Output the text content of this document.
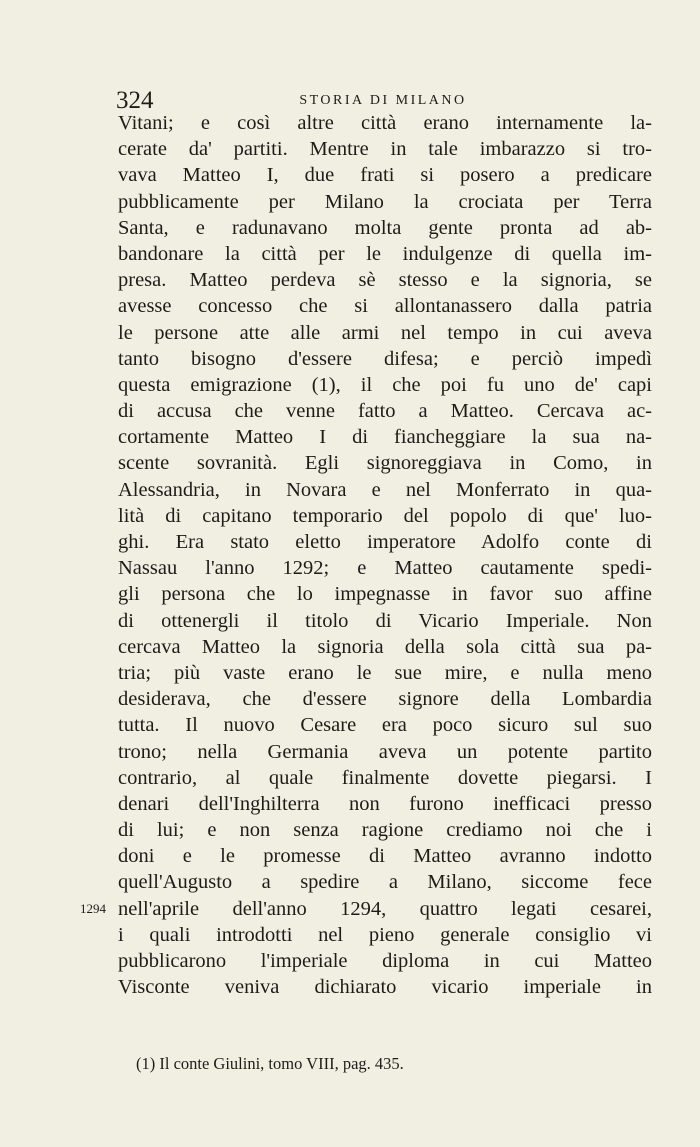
324	STORIA DI MILANO
Vitani; e così altre città erano internamente la-
cerate da' partiti. Mentre in tale imbarazzo si tro-
vava Matteo I, due frati si posero a predicare
pubblicamente per Milano la crociata per Terra
Santa, e radunavano molta gente pronta ad ab-
bandonare la città per le indulgenze di quella im-
presa. Matteo perdeva sè stesso e la signoria, se
avesse concesso che si allontanassero dalla patria
le persone atte alle armi nel tempo in cui aveva
tanto bisogno d'essere difesa; e perciò impedì
questa emigrazione (1), il che poi fu uno de' capi
di accusa che venne fatto a Matteo. Cercava ac-
cortamente Matteo I di fiancheggiare la sua na-
scente sovranità. Egli signoreggiava in Como, in
Alessandria, in Novara e nel Monferrato in qua-
lità di capitano temporario del popolo di que' luo-
ghi. Era stato eletto imperatore Adolfo conte di
Nassau l'anno 1292; e Matteo cautamente spedi-
gli persona che lo impegnasse in favor suo affine
di ottenergli il titolo di Vicario Imperiale. Non
cercava Matteo la signoria della sola città sua pa-
tria; più vaste erano le sue mire, e nulla meno
desiderava, che d'essere signore della Lombardia
tutta. Il nuovo Cesare era poco sicuro sul suo
trono; nella Germania aveva un potente partito
contrario, al quale finalmente dovette piegarsi. I
denari dell'Inghilterra non furono inefficaci presso
di lui; e non senza ragione crediamo noi che i
doni e le promesse di Matteo avranno indotto
quell'Augusto a spedire a Milano, siccome fece
nell'aprile dell'anno 1294, quattro legati cesarei,
i quali introdotti nel pieno generale consiglio vi
pubblicarono l'imperiale diploma in cui Matteo
Visconte veniva dichiarato vicario imperiale in
1294
(1) Il conte Giulini, tomo VIII, pag. 435.
